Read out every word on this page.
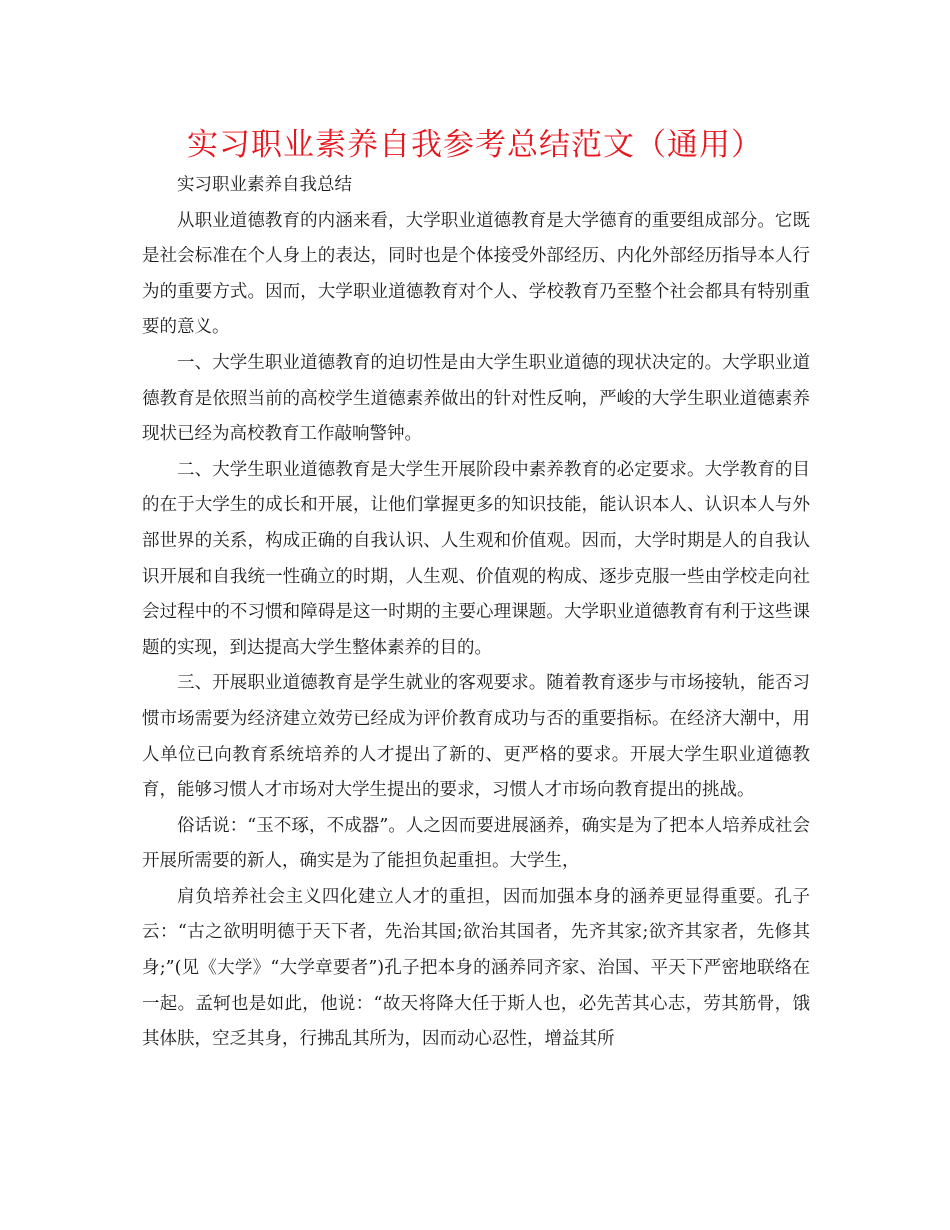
实习职业素养自我参考总结范文（通用）

实习职业素养自我总结

从职业道德教育的内涵来看，大学职业道德教育是大学德育的重要组成部分。它既是社会标准在个人身上的表达，同时也是个体接受外部经历、内化外部经历指导本人行为的重要方式。因而，大学职业道德教育对个人、学校教育乃至整个社会都具有特别重要的意义。

一、大学生职业道德教育的迫切性是由大学生职业道德的现状决定的。大学职业道德教育是依照当前的高校学生道德素养做出的针对性反响，严峻的大学生职业道德素养现状已经为高校教育工作敲响警钟。

二、大学生职业道德教育是大学生开展阶段中素养教育的必定要求。大学教育的目的在于大学生的成长和开展，让他们掌握更多的知识技能，能认识本人、认识本人与外部世界的关系，构成正确的自我认识、人生观和价值观。因而，大学时期是人的自我认识开展和自我统一性确立的时期，人生观、价值观的构成、逐步克服一些由学校走向社会过程中的不习惯和障碍是这一时期的主要心理课题。大学职业道德教育有利于这些课题的实现，到达提高大学生整体素养的目的。

三、开展职业道德教育是学生就业的客观要求。随着教育逐步与市场接轨，能否习惯市场需要为经济建立效劳已经成为评价教育成功与否的重要指标。在经济大潮中，用人单位已向教育系统培养的人才提出了新的、更严格的要求。开展大学生职业道德教育，能够习惯人才市场对大学生提出的要求，习惯人才市场向教育提出的挑战。

俗话说：“玉不琢，不成器”。人之因而要进展涵养，确实是为了把本人培养成社会开展所需要的新人，确实是为了能担负起重担。大学生，

肩负培养社会主义四化建立人才的重担，因而加强本身的涵养更显得重要。孔子云：“古之欲明明德于天下者，先治其国;欲治其国者，先齐其家;欲齐其家者，先修其身;”(见《大学》“大学章要者”)孔子把本身的涵养同齐家、治国、平天下严密地联络在一起。孟轲也是如此，他说：“故天将降大任于斯人也，必先苦其心志，劳其筋骨，饿其体肤，空乏其身，行拂乱其所为，因而动心忍性，增益其所
